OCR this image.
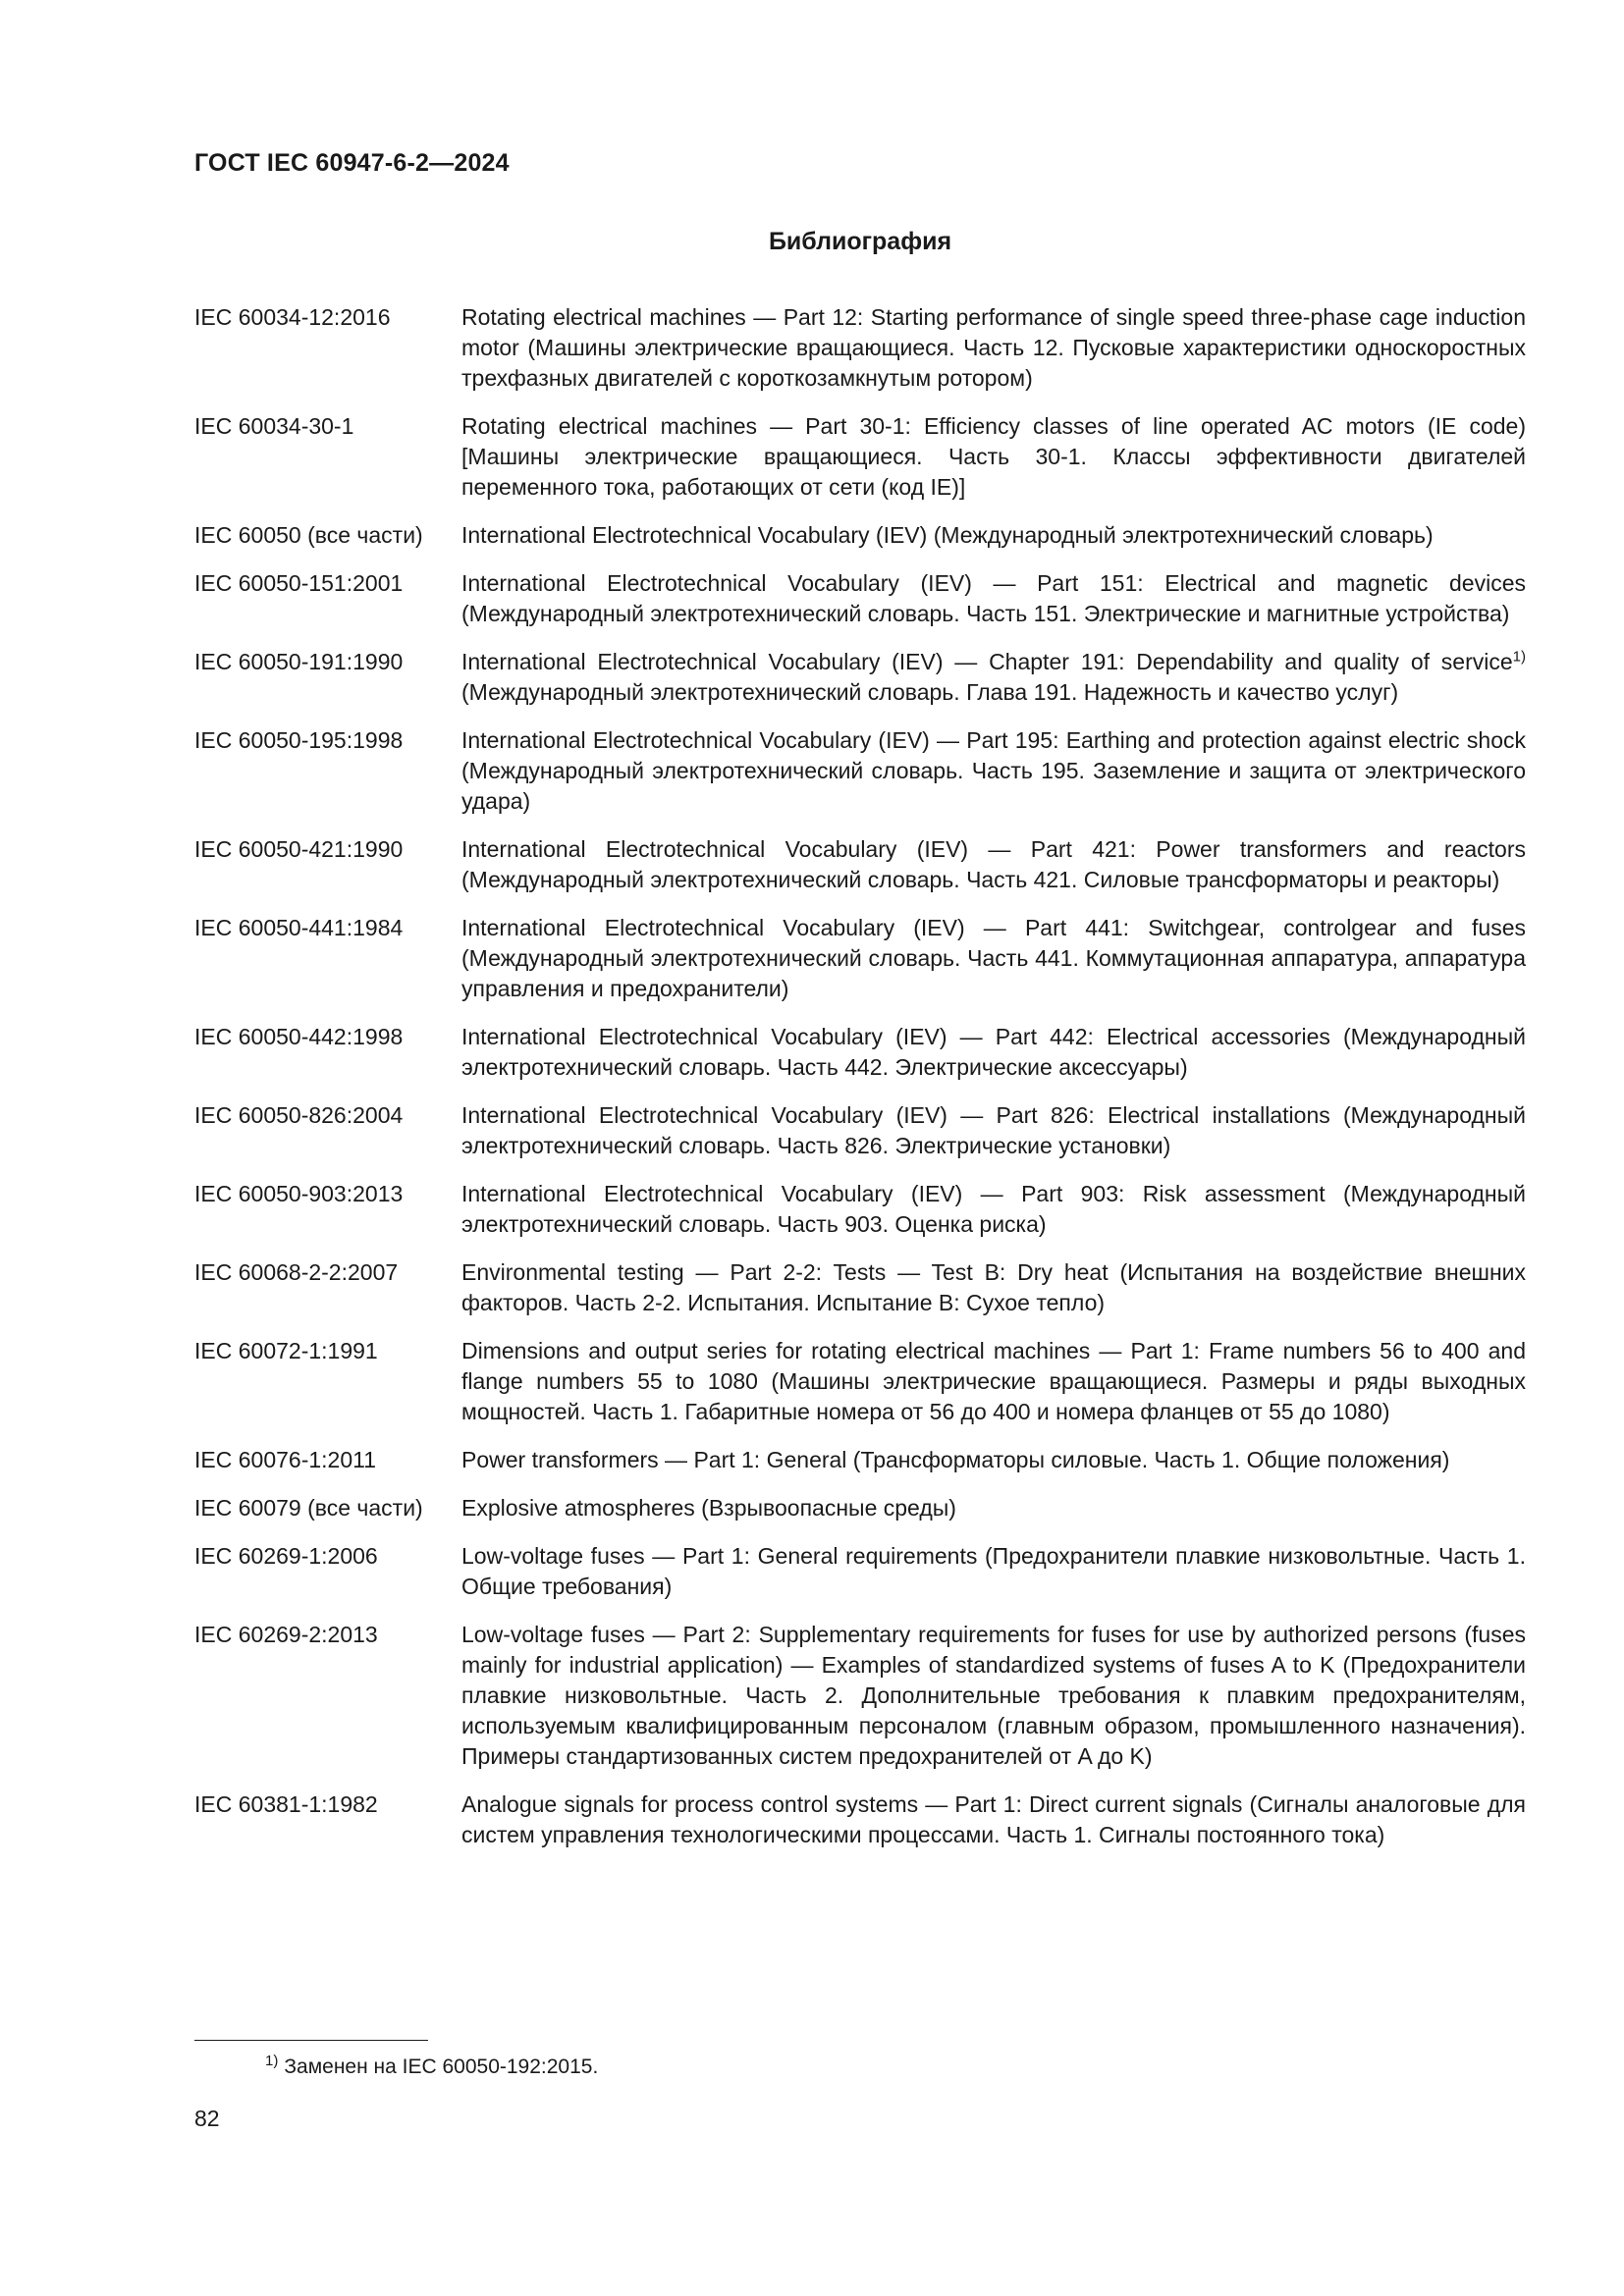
ГОСТ IEC 60947-6-2—2024
Библиография
IEC 60034-12:2016	Rotating electrical machines — Part 12: Starting performance of single speed three-phase cage induction motor (Машины электрические вращающиеся. Часть 12. Пусковые характеристики односкоростных трехфазных двигателей с короткозамкнутым ротором)
IEC 60034-30-1	Rotating electrical machines — Part 30-1: Efficiency classes of line operated AC motors (IE code) [Машины электрические вращающиеся. Часть 30-1. Классы эффективности двигателей переменного тока, работающих от сети (код IE)]
IEC 60050 (все части)	International Electrotechnical Vocabulary (IEV) (Международный электротехнический словарь)
IEC 60050-151:2001	International Electrotechnical Vocabulary (IEV) — Part 151: Electrical and magnetic devices (Международный электротехнический словарь. Часть 151. Электрические и магнитные устройства)
IEC 60050-191:1990	International Electrotechnical Vocabulary (IEV) — Chapter 191: Dependability and quality of service$^{1)}$ (Международный электротехнический словарь. Глава 191. Надежность и качество услуг)
IEC 60050-195:1998	International Electrotechnical Vocabulary (IEV) — Part 195: Earthing and protection against electric shock (Международный электротехнический словарь. Часть 195. Заземление и защита от электрического удара)
IEC 60050-421:1990	International Electrotechnical Vocabulary (IEV) — Part 421: Power transformers and reactors (Международный электротехнический словарь. Часть 421. Силовые трансформаторы и реакторы)
IEC 60050-441:1984	International Electrotechnical Vocabulary (IEV) — Part 441: Switchgear, controlgear and fuses (Международный электротехнический словарь. Часть 441. Коммутационная аппаратура, аппаратура управления и предохранители)
IEC 60050-442:1998	International Electrotechnical Vocabulary (IEV) — Part 442: Electrical accessories (Международный электротехнический словарь. Часть 442. Электрические аксессуары)
IEC 60050-826:2004	International Electrotechnical Vocabulary (IEV) — Part 826: Electrical installations (Международный электротехнический словарь. Часть 826. Электрические установки)
IEC 60050-903:2013	International Electrotechnical Vocabulary (IEV) — Part 903: Risk assessment (Международный электротехнический словарь. Часть 903. Оценка риска)
IEC 60068-2-2:2007	Environmental testing — Part 2-2: Tests — Test B: Dry heat (Испытания на воздействие внешних факторов. Часть 2-2. Испытания. Испытание B: Сухое тепло)
IEC 60072-1:1991	Dimensions and output series for rotating electrical machines — Part 1: Frame numbers 56 to 400 and flange numbers 55 to 1080 (Машины электрические вращающиеся. Размеры и ряды выходных мощностей. Часть 1. Габаритные номера от 56 до 400 и номера фланцев от 55 до 1080)
IEC 60076-1:2011	Power transformers — Part 1: General (Трансформаторы силовые. Часть 1. Общие положения)
IEC 60079 (все части)	Explosive atmospheres (Взрывоопасные среды)
IEC 60269-1:2006	Low-voltage fuses — Part 1: General requirements (Предохранители плавкие низковольтные. Часть 1. Общие требования)
IEC 60269-2:2013	Low-voltage fuses — Part 2: Supplementary requirements for fuses for use by authorized persons (fuses mainly for industrial application) — Examples of standardized systems of fuses A to K (Предохранители плавкие низковольтные. Часть 2. Дополнительные требования к плавким предохранителям, используемым квалифицированным персоналом (главным образом, промышленного назначения). Примеры стандартизованных систем предохранителей от A до K)
IEC 60381-1:1982	Analogue signals for process control systems — Part 1: Direct current signals (Сигналы аналоговые для систем управления технологическими процессами. Часть 1. Сигналы постоянного тока)
$^{1)}$ Заменен на IEC 60050-192:2015.
82
